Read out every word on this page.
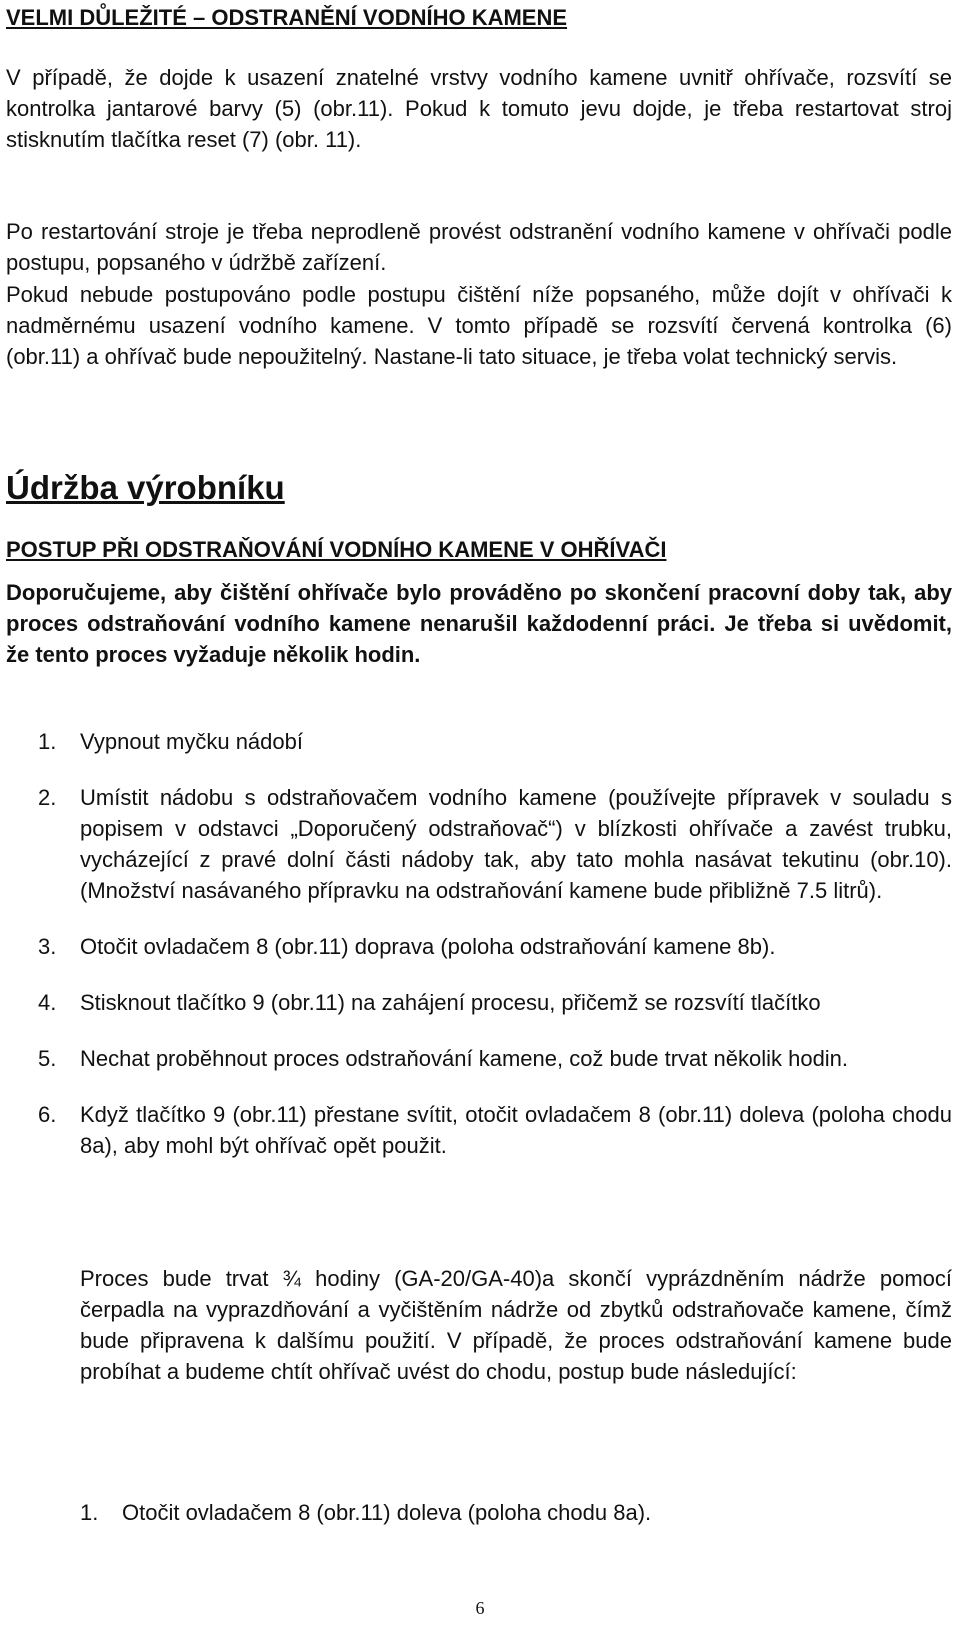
VELMI DŮLEŽITÉ – ODSTRANĚNÍ VODNÍHO KAMENE

V případě, že dojde k usazení znatelné vrstvy vodního kamene uvnitř ohřívače, rozsvítí se kontrolka jantarové barvy (5) (obr.11). Pokud k tomuto jevu dojde, je třeba restartovat stroj stisknutím tlačítka reset (7) (obr. 11).

Po restartování stroje je třeba neprodleně provést odstranění vodního kamene v ohřívači podle postupu, popsaného v údržbě zařízení.

Pokud nebude postupováno podle postupu čištění níže popsaného, může dojít v ohřívači k nadměrnému usazení vodního kamene. V tomto případě se rozsvítí červená kontrolka (6) (obr.11) a ohřívač bude nepoužitelný. Nastane-li tato situace, je třeba volat technický servis.

Údržba výrobníku
POSTUP PŘI ODSTRAŇOVÁNÍ VODNÍHO KAMENE V OHŘÍVAČI

Doporučujeme, aby čištění ohřívače bylo prováděno po skončení pracovní doby tak, aby proces odstraňování vodního kamene nenarušil každodenní práci. Je třeba si uvědomit, že tento proces vyžaduje několik hodin.

1. Vypnout myčku nádobí
2. Umístit nádobu s odstraňovačem vodního kamene (používejte přípravek v souladu s popisem v odstavci „Doporučený odstraňovač“) v blízkosti ohřívače a zavést trubku, vycházející z pravé dolní části nádoby tak, aby tato mohla nasávat tekutinu (obr.10). (Množství nasávaného přípravku na odstraňování kamene bude přibližně 7.5 litrů).
3. Otočit ovladačem 8 (obr.11) doprava (poloha odstraňování kamene 8b).
4. Stisknout tlačítko 9 (obr.11) na zahájení procesu, přičemž se rozsvítí tlačítko
5. Nechat proběhnout proces odstraňování kamene, což bude trvat několik hodin.
6. Když tlačítko 9 (obr.11) přestane svítit, otočit ovladačem 8 (obr.11) doleva (poloha chodu 8a), aby mohl být ohřívač opět použit.

Proces bude trvat ¾ hodiny (GA-20/GA-40)a skončí vyprázdněním nádrže pomocí čerpadla na vyprazdňování a vyčištěním nádrže od zbytků odstraňovače kamene, čímž bude připravena k dalšímu použití. V případě, že proces odstraňování kamene bude probíhat a budeme chtít ohřívač uvést do chodu, postup bude následující:

1. Otočit ovladačem 8 (obr.11) doleva (poloha chodu 8a).
6
